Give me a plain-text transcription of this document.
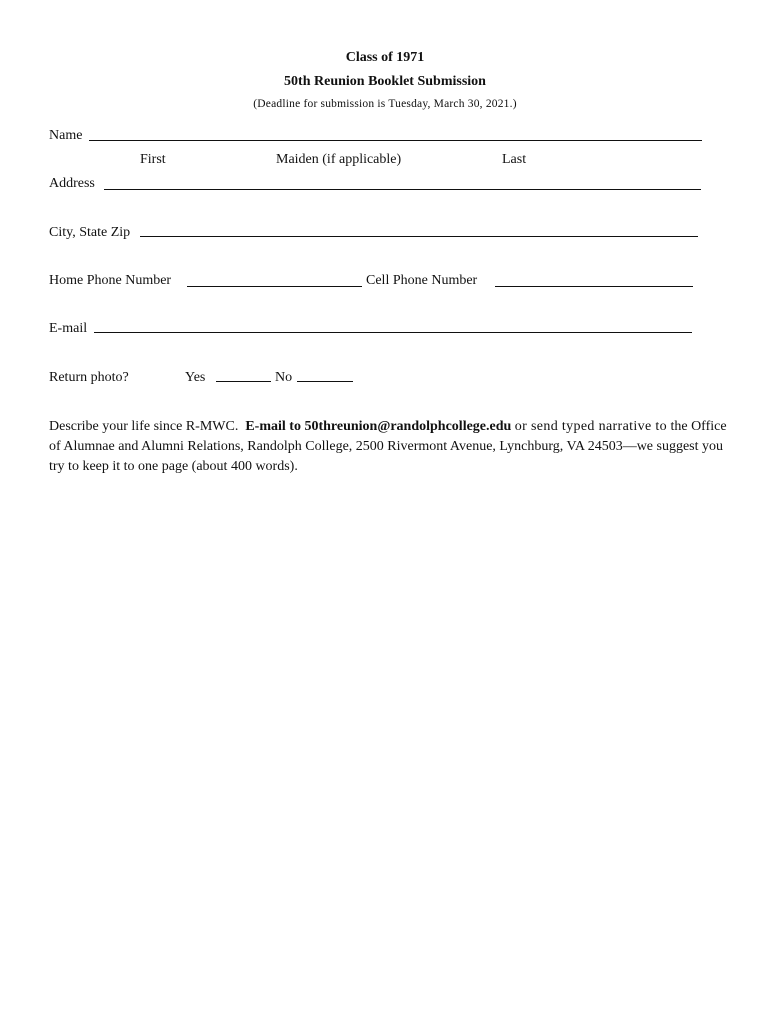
Class of 1971
50th Reunion Booklet Submission
(Deadline for submission is Tuesday, March 30, 2021.)
Name
First	Maiden (if applicable)	Last
Address
City, State Zip
Home Phone Number	Cell Phone Number
E-mail
Return photo?	Yes	No
Describe your life since R-MWC. E-mail to 50threunion@randolphcollege.edu or send typed narrative to the Office of Alumnae and Alumni Relations, Randolph College, 2500 Rivermont Avenue, Lynchburg, VA 24503—we suggest you try to keep it to one page (about 400 words).
